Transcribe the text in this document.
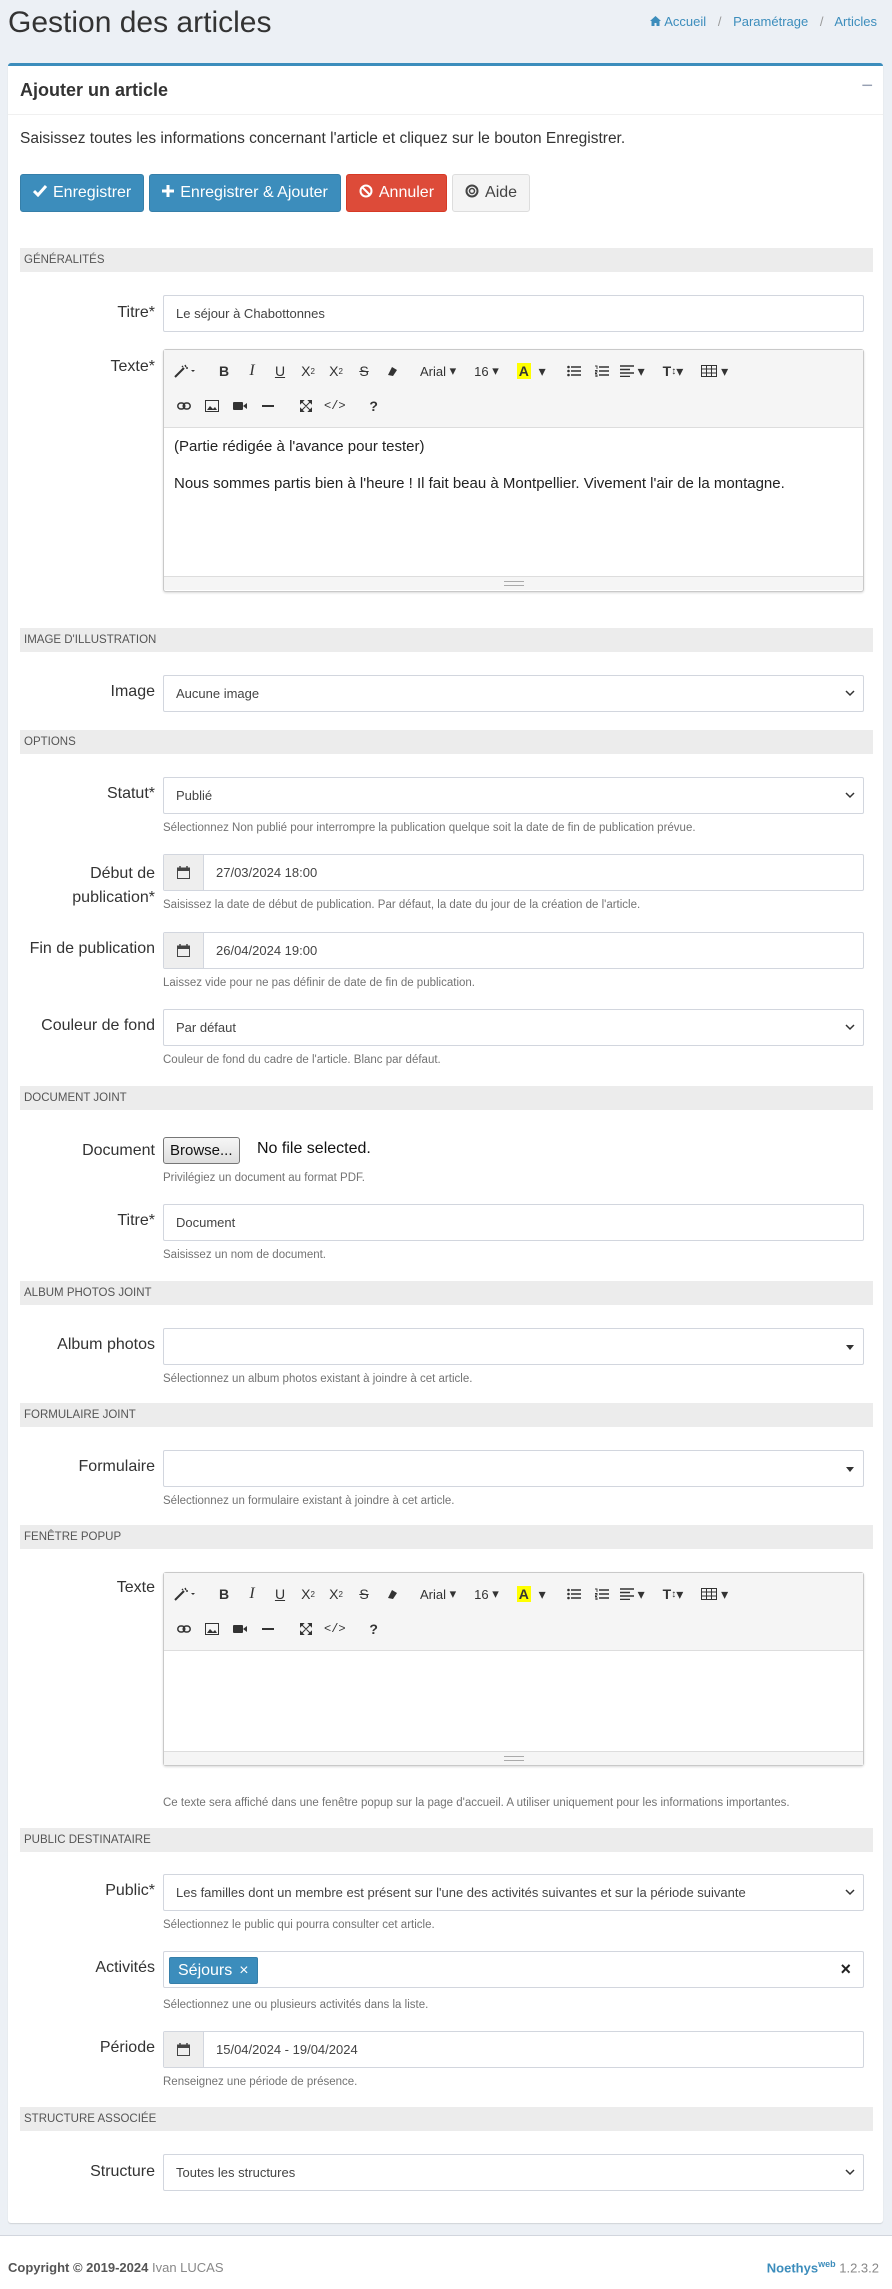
Gestion des articles	Accueil / Paramétrage / Articles
Ajouter un article	−
Saisissez toutes les informations concernant l'article et cliquez sur le bouton Enregistrer.
Enregistrer	Enregistrer & Ajouter	Annuler	Aide
GÉNÉRALITÉS
Titre* Le séjour à Chabottonnes
Texte*	B	I	U	X 2	X 2	S	Arial ▾	16 ▾ A ▾	▾ T ↕ ▾	▾
</>	?

(Partie rédigée à l'avance pour tester)

Nous sommes partis bien à l'heure ! Il fait beau à Montpellier. Vivement l'air de la montagne.

IMAGE D'ILLUSTRATION
Image Aucune image
OPTIONS
Statut* Publié
Sélectionnez Non publié pour interrompre la publication quelque soit la date de fin de publication prévue.
Début de
publication*
27/03/2024 18:00
Saisissez la date de début de publication. Par défaut, la date du jour de la création de l'article.
Fin de publication	26/04/2024 19:00
Laissez vide pour ne pas définir de date de fin de publication.
Couleur de fond Par défaut
Couleur de fond du cadre de l'article. Blanc par défaut.
DOCUMENT JOINT
Document	Browse...	No file selected.
Privilégiez un document au format PDF.
Titre* Document
Saisissez un nom de document.
ALBUM PHOTOS JOINT
Album photos
Sélectionnez un album photos existant à joindre à cet article.
FORMULAIRE JOINT
Formulaire
Sélectionnez un formulaire existant à joindre à cet article.
FENÊTRE POPUP
Texte	B	I	U	X 2	X 2	S	Arial ▾	16 ▾ A ▾	▾ T ↕ ▾	▾
</>	?
Ce texte sera affiché dans une fenêtre popup sur la page d'accueil. A utiliser uniquement pour les informations importantes.
PUBLIC DESTINATAIRE
Public* Les familles dont un membre est présent sur l'une des activités suivantes et sur la période suivante
Sélectionnez le public qui pourra consulter cet article.
Activités Séjours ×	×
Sélectionnez une ou plusieurs activités dans la liste.
Période	15/04/2024 - 19/04/2024
Renseignez une période de présence.
STRUCTURE ASSOCIÉE
Structure Toutes les structures
Copyright © 2019-2024 Ivan LUCAS	Noethys$^{web}$ 1.2.3.2
